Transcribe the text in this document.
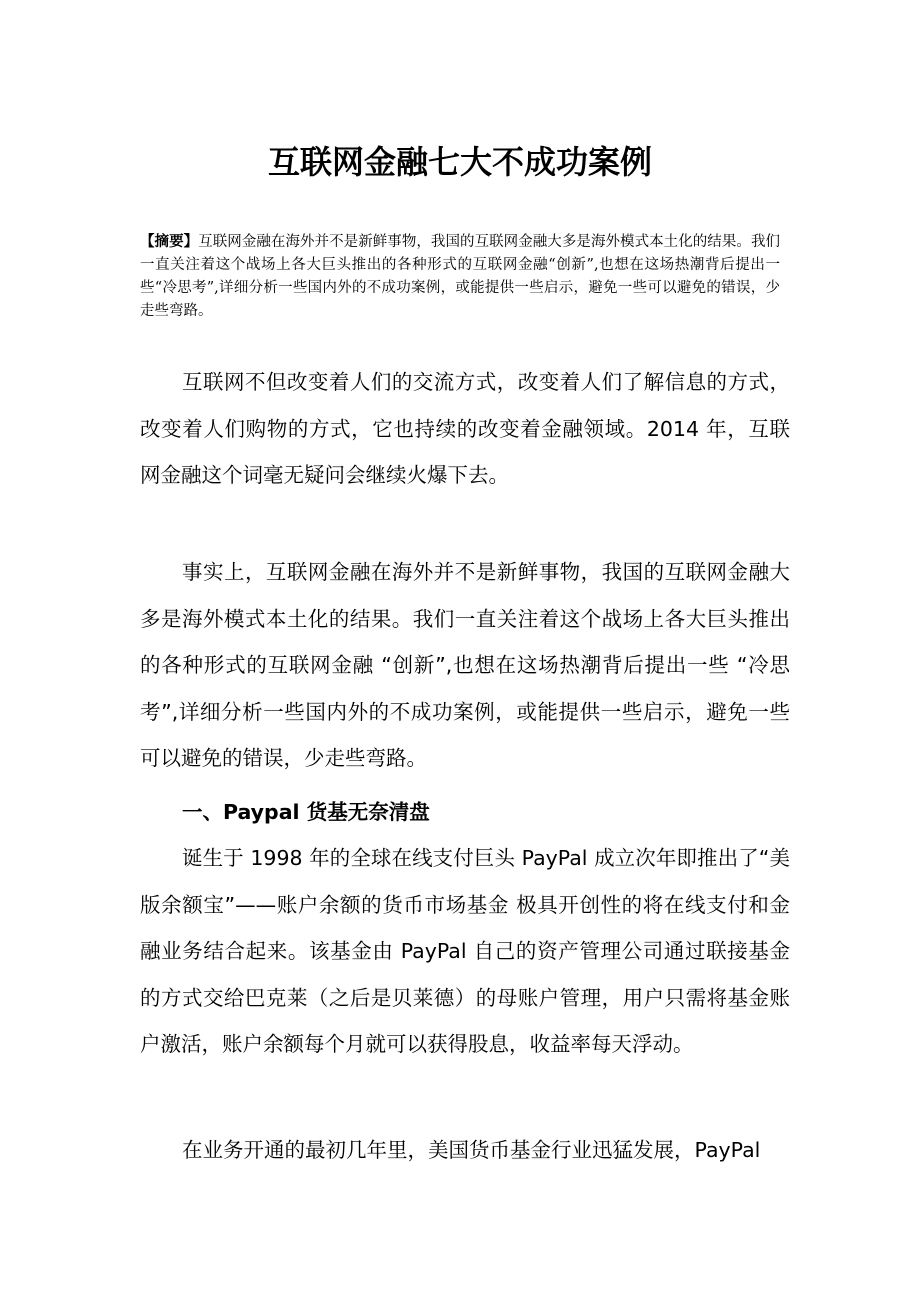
互联网金融七大不成功案例

【摘要】互联网金融在海外并不是新鲜事物，我国的互联网金融大多是海外模式本土化的结果。我们一直关注着这个战场上各大巨头推出的各种形式的互联网金融“创新”,也想在这场热潮背后提出一些“冷思考”,详细分析一些国内外的不成功案例，或能提供一些启示，避免一些可以避免的错误，少走些弯路。

互联网不但改变着人们的交流方式，改变着人们了解信息的方式，改变着人们购物的方式，它也持续的改变着金融领域。2014 年，互联网金融这个词毫无疑问会继续火爆下去。

事实上，互联网金融在海外并不是新鲜事物，我国的互联网金融大多是海外模式本土化的结果。我们一直关注着这个战场上各大巨头推出的各种形式的互联网金融 “创新”,也想在这场热潮背后提出一些 “冷思考”,详细分析一些国内外的不成功案例，或能提供一些启示，避免一些可以避免的错误，少走些弯路。

一、Paypal 货基无奈清盘

诞生于 1998 年的全球在线支付巨头 PayPal 成立次年即推出了“美版余额宝”——账户余额的货币市场基金 极具开创性的将在线支付和金融业务结合起来。该基金由 PayPal 自己的资产管理公司通过联接基金的方式交给巴克莱（之后是贝莱德）的母账户管理，用户只需将基金账户激活，账户余额每个月就可以获得股息，收益率每天浮动。

在业务开通的最初几年里，美国货币基金行业迅猛发展，PayPal
